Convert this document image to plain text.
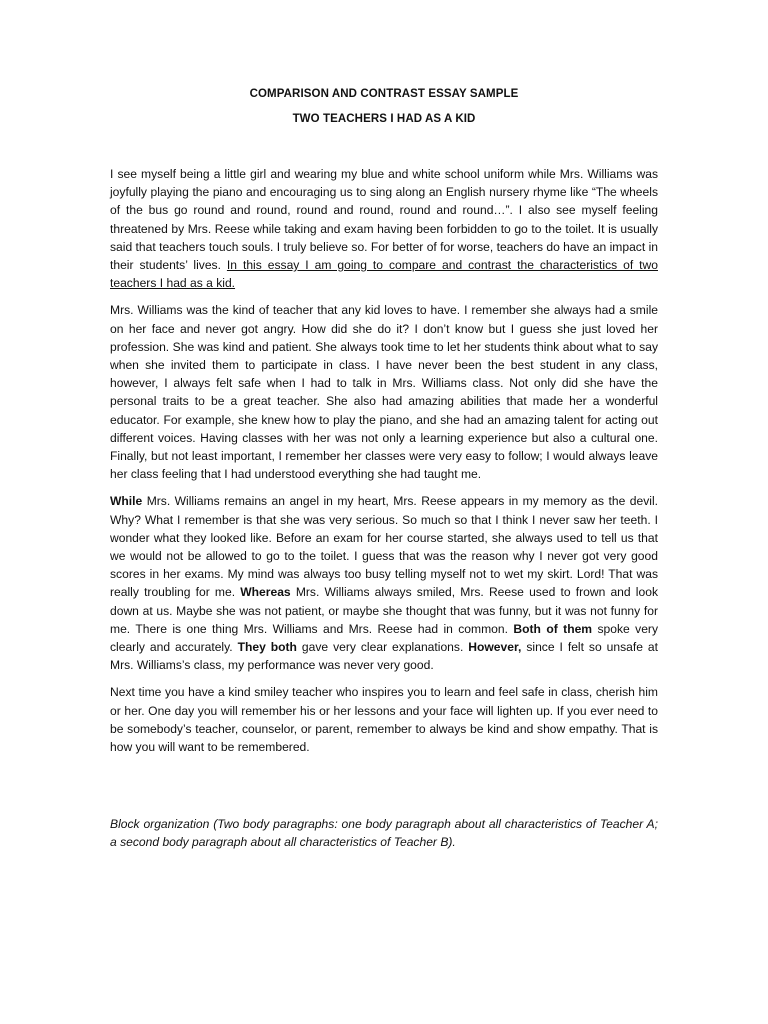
COMPARISON AND CONTRAST ESSAY SAMPLE
TWO TEACHERS I HAD AS A KID

I see myself being a little girl and wearing my blue and white school uniform while Mrs. Williams was joyfully playing the piano and encouraging us to sing along an English nursery rhyme like “The wheels of the bus go round and round, round and round, round and round…”. I also see myself feeling threatened by Mrs. Reese while taking and exam having been forbidden to go to the toilet. It is usually said that teachers touch souls. I truly believe so. For better of for worse, teachers do have an impact in their students’ lives. In this essay I am going to compare and contrast the characteristics of two teachers I had as a kid.

Mrs. Williams was the kind of teacher that any kid loves to have. I remember she always had a smile on her face and never got angry. How did she do it? I don’t know but I guess she just loved her profession. She was kind and patient. She always took time to let her students think about what to say when she invited them to participate in class. I have never been the best student in any class, however, I always felt safe when I had to talk in Mrs. Williams class. Not only did she have the personal traits to be a great teacher. She also had amazing abilities that made her a wonderful educator. For example, she knew how to play the piano, and she had an amazing talent for acting out different voices. Having classes with her was not only a learning experience but also a cultural one. Finally, but not least important, I remember her classes were very easy to follow; I would always leave her class feeling that I had understood everything she had taught me.

While Mrs. Williams remains an angel in my heart, Mrs. Reese appears in my memory as the devil. Why? What I remember is that she was very serious. So much so that I think I never saw her teeth. I wonder what they looked like. Before an exam for her course started, she always used to tell us that we would not be allowed to go to the toilet. I guess that was the reason why I never got very good scores in her exams. My mind was always too busy telling myself not to wet my skirt. Lord! That was really troubling for me. Whereas Mrs. Williams always smiled, Mrs. Reese used to frown and look down at us. Maybe she was not patient, or maybe she thought that was funny, but it was not funny for me. There is one thing Mrs. Williams and Mrs. Reese had in common. Both of them spoke very clearly and accurately. They both gave very clear explanations. However, since I felt so unsafe at Mrs. Williams’s class, my performance was never very good.

Next time you have a kind smiley teacher who inspires you to learn and feel safe in class, cherish him or her. One day you will remember his or her lessons and your face will lighten up. If you ever need to be somebody’s teacher, counselor, or parent, remember to always be kind and show empathy. That is how you will want to be remembered.

Block organization (Two body paragraphs: one body paragraph about all characteristics of Teacher A; a second body paragraph about all characteristics of Teacher B).
